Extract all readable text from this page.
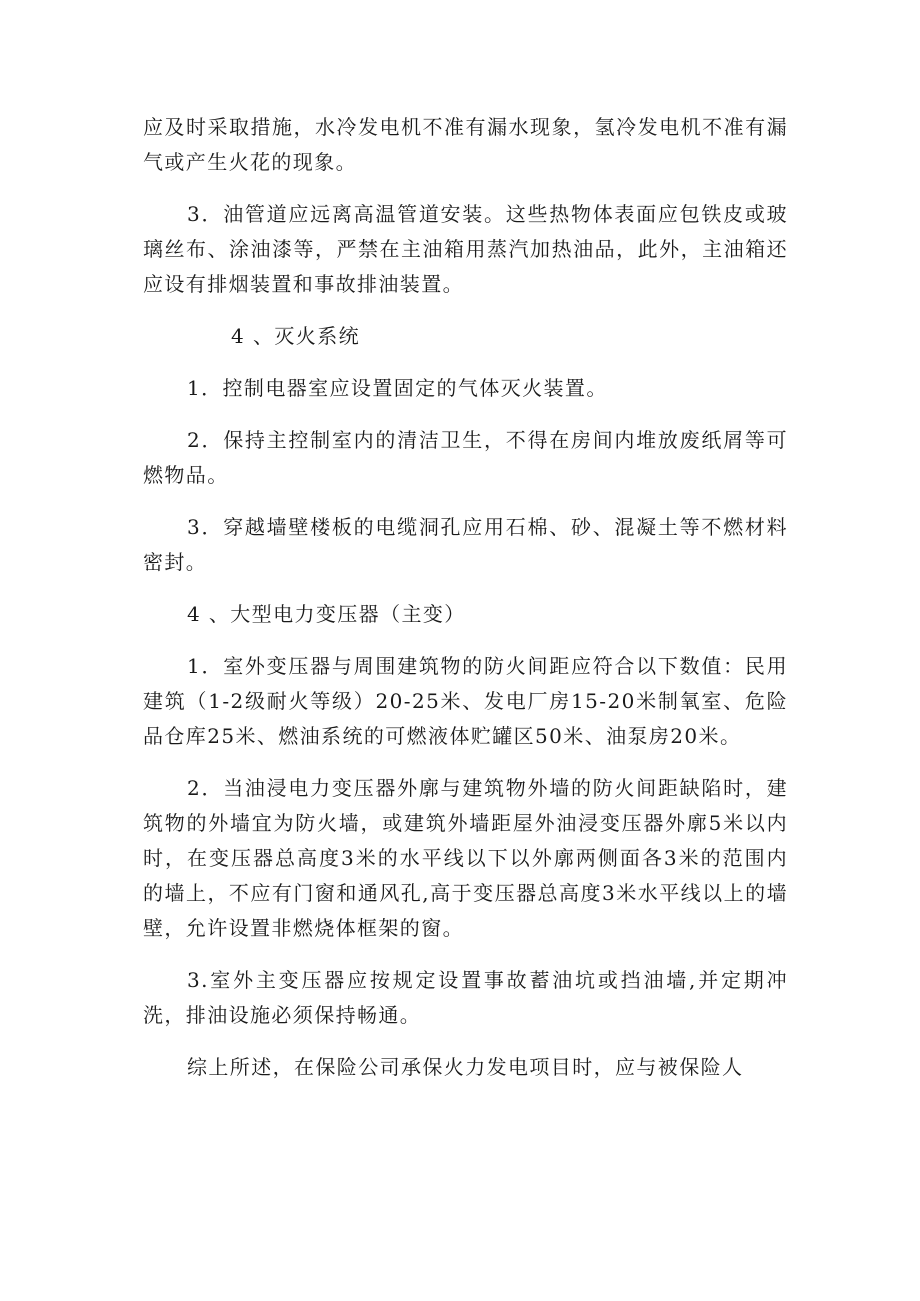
应及时采取措施，水冷发电机不准有漏水现象，氢冷发电机不准有漏气或产生火花的现象。

3．油管道应远离高温管道安装。这些热物体表面应包铁皮或玻璃丝布、涂油漆等，严禁在主油箱用蒸汽加热油品，此外，主油箱还应设有排烟装置和事故排油装置。

4 、灭火系统

1．控制电器室应设置固定的气体灭火装置。

2．保持主控制室内的清洁卫生，不得在房间内堆放废纸屑等可燃物品。

3．穿越墙壁楼板的电缆洞孔应用石棉、砂、混凝土等不燃材料密封。

4 、大型电力变压器（主变）

1．室外变压器与周围建筑物的防火间距应符合以下数值：民用建筑（1-2级耐火等级）20-25米、发电厂房15-20米制氧室、危险品仓库25米、燃油系统的可燃液体贮罐区50米、油泵房20米。

2．当油浸电力变压器外廓与建筑物外墙的防火间距缺陷时，建筑物的外墙宜为防火墙，或建筑外墙距屋外油浸变压器外廓5米以内时，在变压器总高度3米的水平线以下以外廓两侧面各3米的范围内的墙上，不应有门窗和通风孔,高于变压器总高度3米水平线以上的墙壁，允许设置非燃烧体框架的窗。

3.室外主变压器应按规定设置事故蓄油坑或挡油墙,并定期冲洗，排油设施必须保持畅通。

综上所述，在保险公司承保火力发电项目时，应与被保险人
